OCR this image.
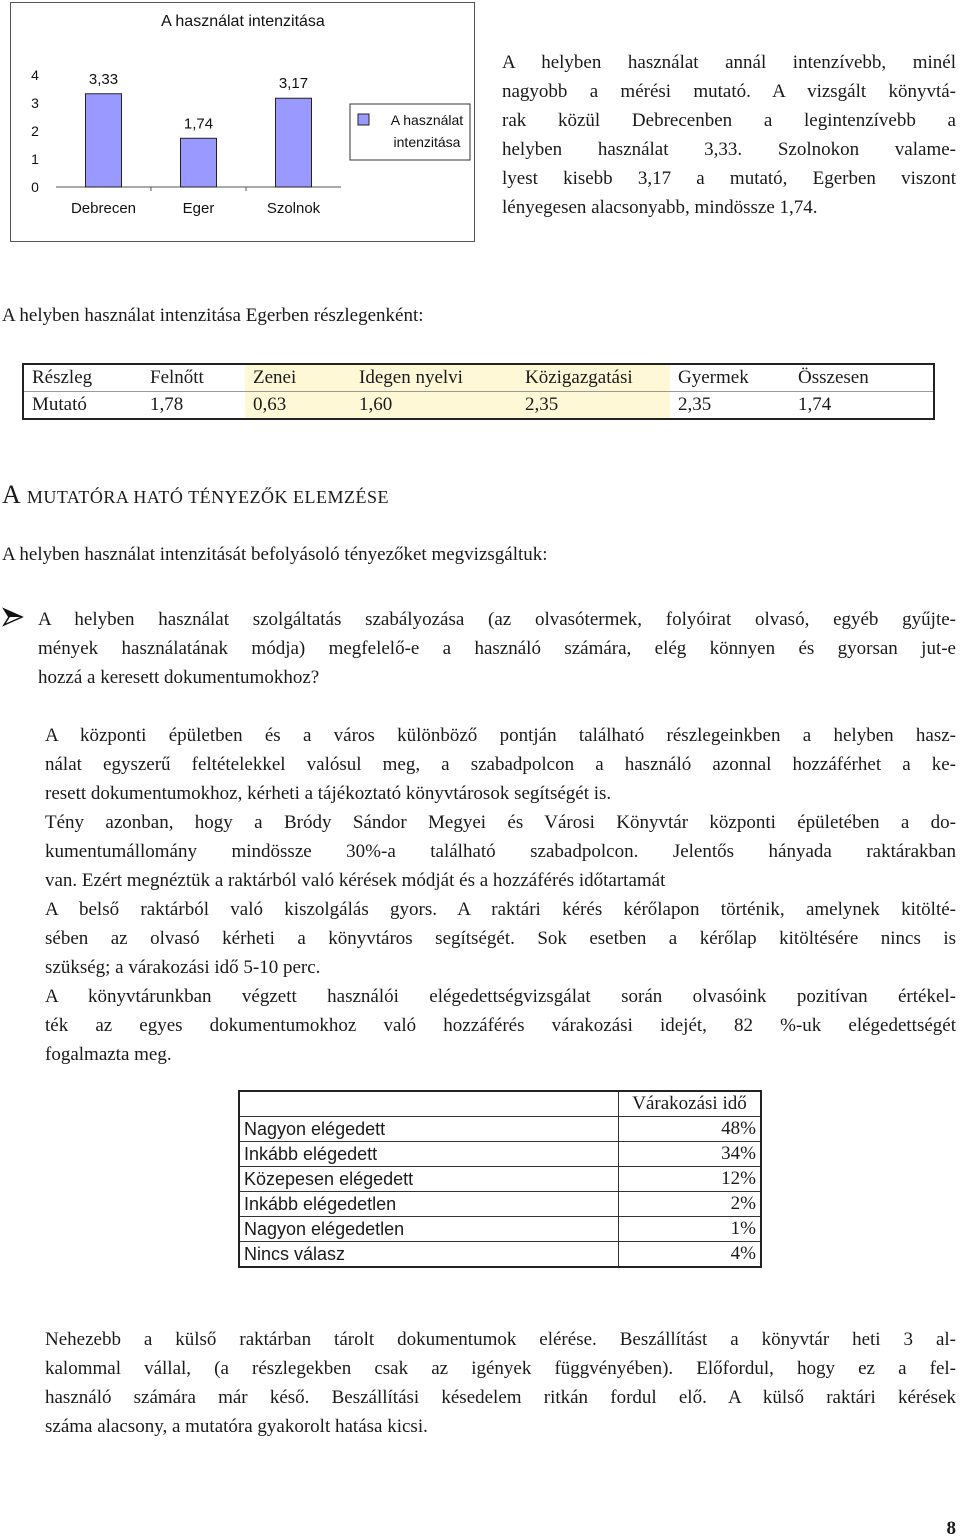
A használat intenzitása
0
1
2
3
4	3,33
Debrecen
1,74
Eger
3,17
Szolnok
A használat
intenzitása
A helyben használat annál intenzívebb, minél
nagyobb a mérési mutató. A vizsgált könyvtá-
rak közül Debrecenben a legintenzívebb a
helyben használat 3,33. Szolnokon valame-
lyest kisebb 3,17 a mutató, Egerben viszont
lényegesen alacsonyabb, mindössze 1,74.
A helyben használat intenzitása Egerben részlegenként:
Részleg	Felnőtt	Zenei	Idegen nyelvi	Közigazgatási	Gyermek	Összesen
Mutató	1,78	0,63	1,60	2,35	2,35	1,74
A MUTATÓRA HATÓ TÉNYEZŐK ELEMZÉSE
A helyben használat intenzitását befolyásoló tényezőket megvizsgáltuk:
A helyben használat szolgáltatás szabályozása (az olvasótermek, folyóirat olvasó, egyéb gyűjte-
mények használatának módja) megfelelő-e a használó számára, elég könnyen és gyorsan jut-e
hozzá a keresett dokumentumokhoz?
A központi épületben és a város különböző pontján található részlegeinkben a helyben hasz-
nálat egyszerű feltételekkel valósul meg, a szabadpolcon a használó azonnal hozzáférhet a ke-
resett dokumentumokhoz, kérheti a tájékoztató könyvtárosok segítségét is.
Tény azonban, hogy a Bródy Sándor Megyei és Városi Könyvtár központi épületében a do-
kumentumállomány mindössze 30%-a található szabadpolcon. Jelentős hányada raktárakban
van. Ezért megnéztük a raktárból való kérések módját és a hozzáférés időtartamát
A belső raktárból való kiszolgálás gyors. A raktári kérés kérőlapon történik, amelynek kitölté-
sében az olvasó kérheti a könyvtáros segítségét. Sok esetben a kérőlap kitöltésére nincs is
szükség; a várakozási idő 5-10 perc.
A könyvtárunkban végzett használói elégedettségvizsgálat során olvasóink pozitívan értékel-
ték az egyes dokumentumokhoz való hozzáférés várakozási idejét, 82 %-uk elégedettségét
fogalmazta meg.
	Várakozási idő
Nagyon elégedett	48%
Inkább elégedett	34%
Közepesen elégedett	12%
Inkább elégedetlen	2%
Nagyon elégedetlen	1%
Nincs válasz	4%
Nehezebb a külső raktárban tárolt dokumentumok elérése. Beszállítást a könyvtár heti 3 al-
kalommal vállal, (a részlegekben csak az igények függvényében). Előfordul, hogy ez a fel-
használó számára már késő. Beszállítási késedelem ritkán fordul elő. A külső raktári kérések
száma alacsony, a mutatóra gyakorolt hatása kicsi.
8
